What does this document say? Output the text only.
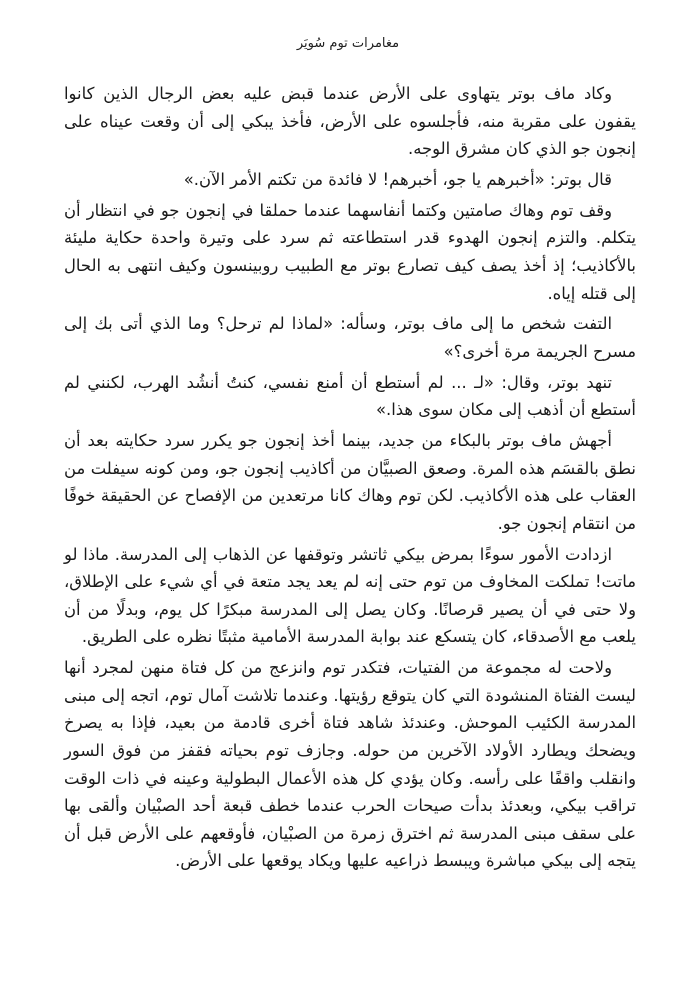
مغامرات توم سُويَر

وكاد ماف بوتر يتهاوى على الأرض عندما قبض عليه بعض الرجال الذين كانوا يقفون على مقربة منه، فأجلسوه على الأرض، فأخذ يبكي إلى أن وقعت عيناه على إنجون جو الذي كان مشرق الوجه.

قال بوتر: «أخبرهم يا جو، أخبرهم! لا فائدة من تكتم الأمر الآن.»

وقف توم وهاك صامتين وكتما أنفاسهما عندما حملقا في إنجون جو في انتظار أن يتكلم. والتزم إنجون الهدوء قدر استطاعته ثم سرد على وتيرة واحدة حكاية مليئة بالأكاذيب؛ إذ أخذ يصف كيف تصارع بوتر مع الطبيب روبينسون وكيف انتهى به الحال إلى قتله إياه.

التفت شخص ما إلى ماف بوتر، وسأله: «لماذا لم ترحل؟ وما الذي أتى بك إلى مسرح الجريمة مرة أخرى؟»

تنهد بوتر، وقال: «لـ ... لم أستطع أن أمنع نفسي، كنتُ أنشُد الهرب، لكنني لم أستطع أن أذهب إلى مكان سوى هذا.»

أجهش ماف بوتر بالبكاء من جديد، بينما أخذ إنجون جو يكرر سرد حكايته بعد أن نطق بالقسَم هذه المرة. وصعق الصبيَّان من أكاذيب إنجون جو، ومن كونه سيفلت من العقاب على هذه الأكاذيب. لكن توم وهاك كانا مرتعدين من الإفصاح عن الحقيقة خوفًا من انتقام إنجون جو.

ازدادت الأمور سوءًا بمرض بيكي ثاتشر وتوقفها عن الذهاب إلى المدرسة. ماذا لو ماتت! تملكت المخاوف من توم حتى إنه لم يعد يجد متعة في أي شيء على الإطلاق، ولا حتى في أن يصير قرصانًا. وكان يصل إلى المدرسة مبكرًا كل يوم، وبدلًا من أن يلعب مع الأصدقاء، كان يتسكع عند بوابة المدرسة الأمامية مثبتًا نظره على الطريق.

ولاحت له مجموعة من الفتيات، فتكدر توم وانزعج من كل فتاة منهن لمجرد أنها ليست الفتاة المنشودة التي كان يتوقع رؤيتها. وعندما تلاشت آمال توم، اتجه إلى مبنى المدرسة الكئيب الموحش. وعندئذ شاهد فتاة أخرى قادمة من بعيد، فإذا به يصرخ ويضحك ويطارد الأولاد الآخرين من حوله. وجازف توم بحياته فقفز من فوق السور وانقلب واقفًا على رأسه. وكان يؤدي كل هذه الأعمال البطولية وعينه في ذات الوقت تراقب بيكي، وبعدئذ بدأت صيحات الحرب عندما خطف قبعة أحد الصبْيان وألقى بها على سقف مبنى المدرسة ثم اخترق زمرة من الصبْيان، فأوقعهم على الأرض قبل أن يتجه إلى بيكي مباشرة ويبسط ذراعيه عليها ويكاد يوقعها على الأرض.
